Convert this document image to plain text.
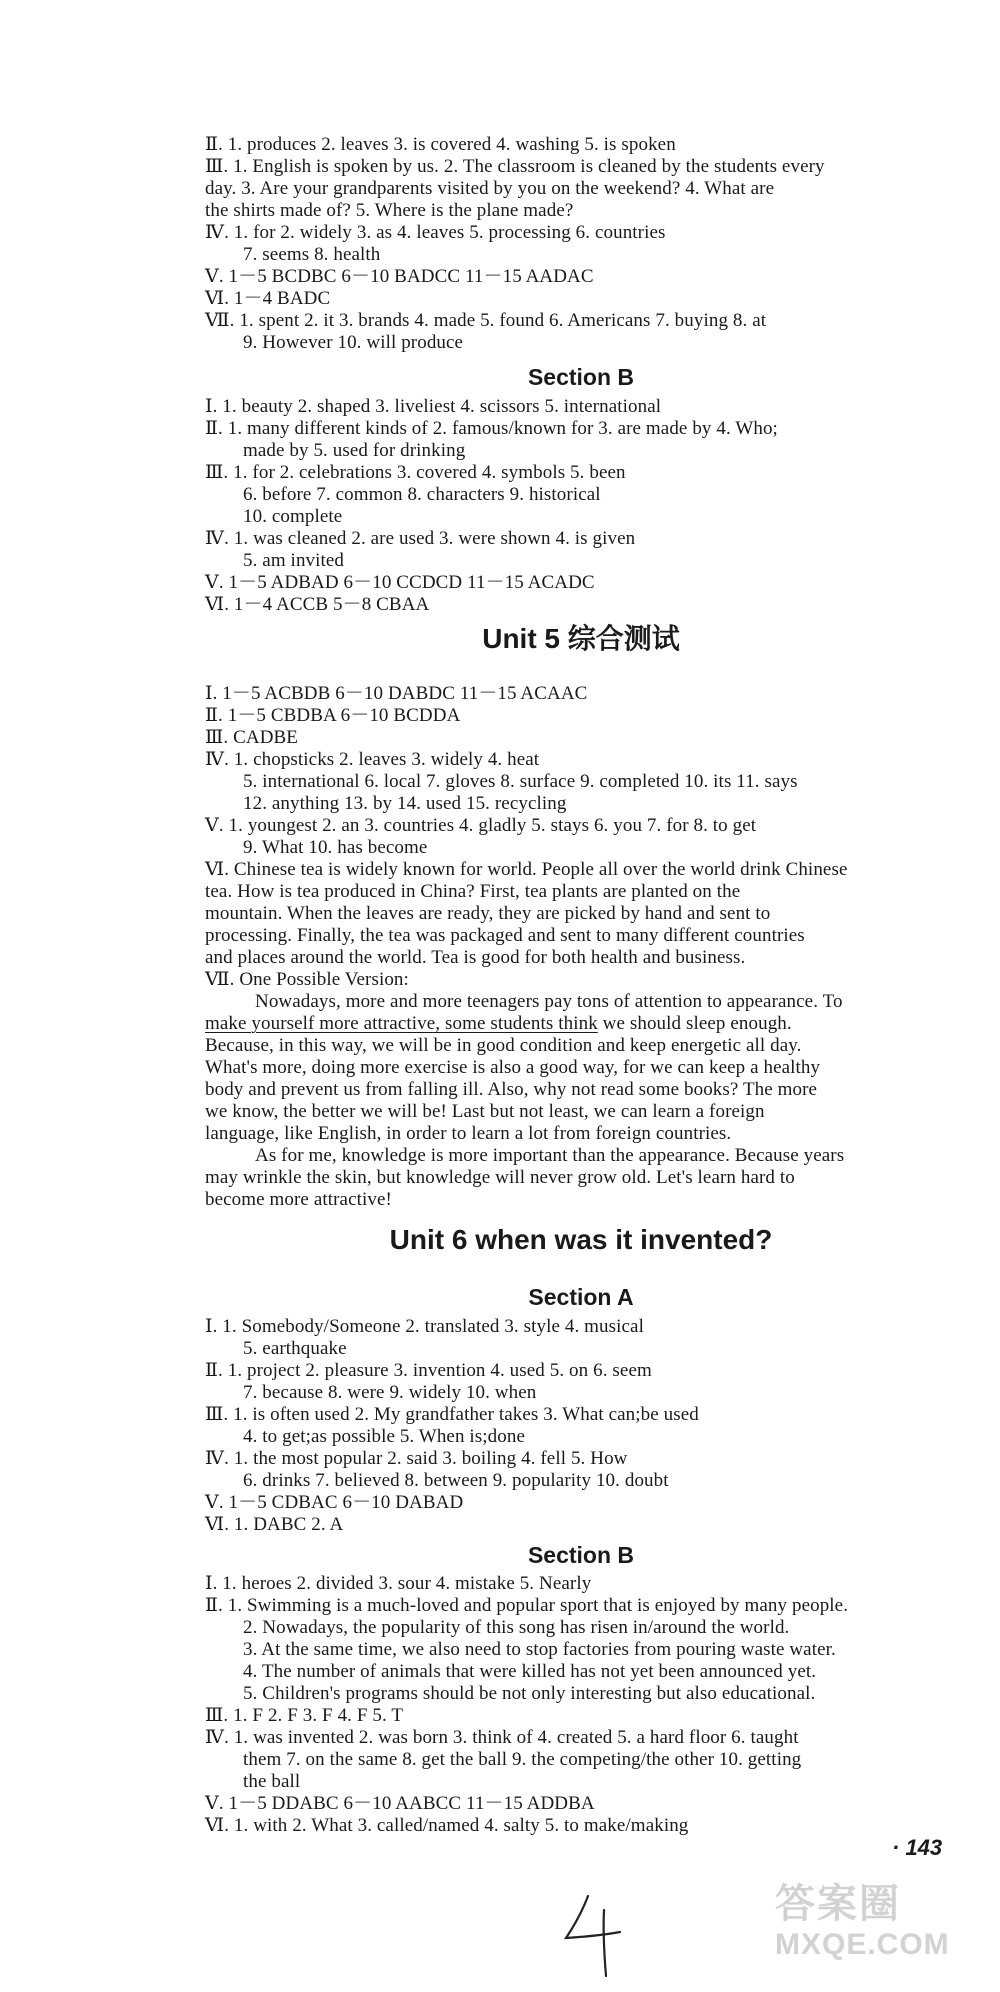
Ⅱ. 1. produces 2. leaves 3. is covered 4. washing 5. is spoken
Ⅲ. 1. English is spoken by us. 2. The classroom is cleaned by the students every
day. 3. Are your grandparents visited by you on the weekend? 4. What are
the shirts made of? 5. Where is the plane made?
Ⅳ. 1. for 2. widely 3. as 4. leaves 5. processing 6. countries
7. seems 8. health
Ⅴ. 1－5 BCDBC 6－10 BADCC 11－15 AADAC
Ⅵ. 1－4 BADC
Ⅶ. 1. spent 2. it 3. brands 4. made 5. found 6. Americans 7. buying 8. at
9. However 10. will produce
Section B
Ⅰ. 1. beauty 2. shaped 3. liveliest 4. scissors 5. international
Ⅱ. 1. many different kinds of 2. famous/known for 3. are made by 4. Who;
made by 5. used for drinking
Ⅲ. 1. for 2. celebrations 3. covered 4. symbols 5. been
6. before 7. common 8. characters 9. historical
10. complete
Ⅳ. 1. was cleaned 2. are used 3. were shown 4. is given
5. am invited
Ⅴ. 1－5 ADBAD 6－10 CCDCD 11－15 ACADC
Ⅵ. 1－4 ACCB 5－8 CBAA
Unit 5 综合测试
Ⅰ. 1－5 ACBDB 6－10 DABDC 11－15 ACAAC
Ⅱ. 1－5 CBDBA 6－10 BCDDA
Ⅲ. CADBE
Ⅳ. 1. chopsticks 2. leaves 3. widely 4. heat
5. international 6. local 7. gloves 8. surface 9. completed 10. its 11. says
12. anything 13. by 14. used 15. recycling
Ⅴ. 1. youngest 2. an 3. countries 4. gladly 5. stays 6. you 7. for 8. to get
9. What 10. has become
Ⅵ. Chinese tea is widely known for world. People all over the world drink Chinese
tea. How is tea produced in China? First, tea plants are planted on the
mountain. When the leaves are ready, they are picked by hand and sent to
processing. Finally, the tea was packaged and sent to many different countries
and places around the world. Tea is good for both health and business.
Ⅶ. One Possible Version:
Nowadays, more and more teenagers pay tons of attention to appearance. To
make yourself more attractive, some students think we should sleep enough.
Because, in this way, we will be in good condition and keep energetic all day.
What's more, doing more exercise is also a good way, for we can keep a healthy
body and prevent us from falling ill. Also, why not read some books? The more
we know, the better we will be! Last but not least, we can learn a foreign
language, like English, in order to learn a lot from foreign countries.
As for me, knowledge is more important than the appearance. Because years
may wrinkle the skin, but knowledge will never grow old. Let's learn hard to
become more attractive!
Unit 6 when was it invented?
Section A
Ⅰ. 1. Somebody/Someone 2. translated 3. style 4. musical
5. earthquake
Ⅱ. 1. project 2. pleasure 3. invention 4. used 5. on 6. seem
7. because 8. were 9. widely 10. when
Ⅲ. 1. is often used 2. My grandfather takes 3. What can;be used
4. to get;as possible 5. When is;done
Ⅳ. 1. the most popular 2. said 3. boiling 4. fell 5. How
6. drinks 7. believed 8. between 9. popularity 10. doubt
Ⅴ. 1－5 CDBAC 6－10 DABAD
Ⅵ. 1. DABC 2. A
Section B
Ⅰ. 1. heroes 2. divided 3. sour 4. mistake 5. Nearly
Ⅱ. 1. Swimming is a much-loved and popular sport that is enjoyed by many people.
2. Nowadays, the popularity of this song has risen in/around the world.
3. At the same time, we also need to stop factories from pouring waste water.
4. The number of animals that were killed has not yet been announced yet.
5. Children's programs should be not only interesting but also educational.
Ⅲ. 1. F 2. F 3. F 4. F 5. T
Ⅳ. 1. was invented 2. was born 3. think of 4. created 5. a hard floor 6. taught
them 7. on the same 8. get the ball 9. the competing/the other 10. getting
the ball
Ⅴ. 1－5 DDABC 6－10 AABCC 11－15 ADDBA
Ⅵ. 1. with 2. What 3. called/named 4. salty 5. to make/making
· 143
答案圈
MXQE.COM
